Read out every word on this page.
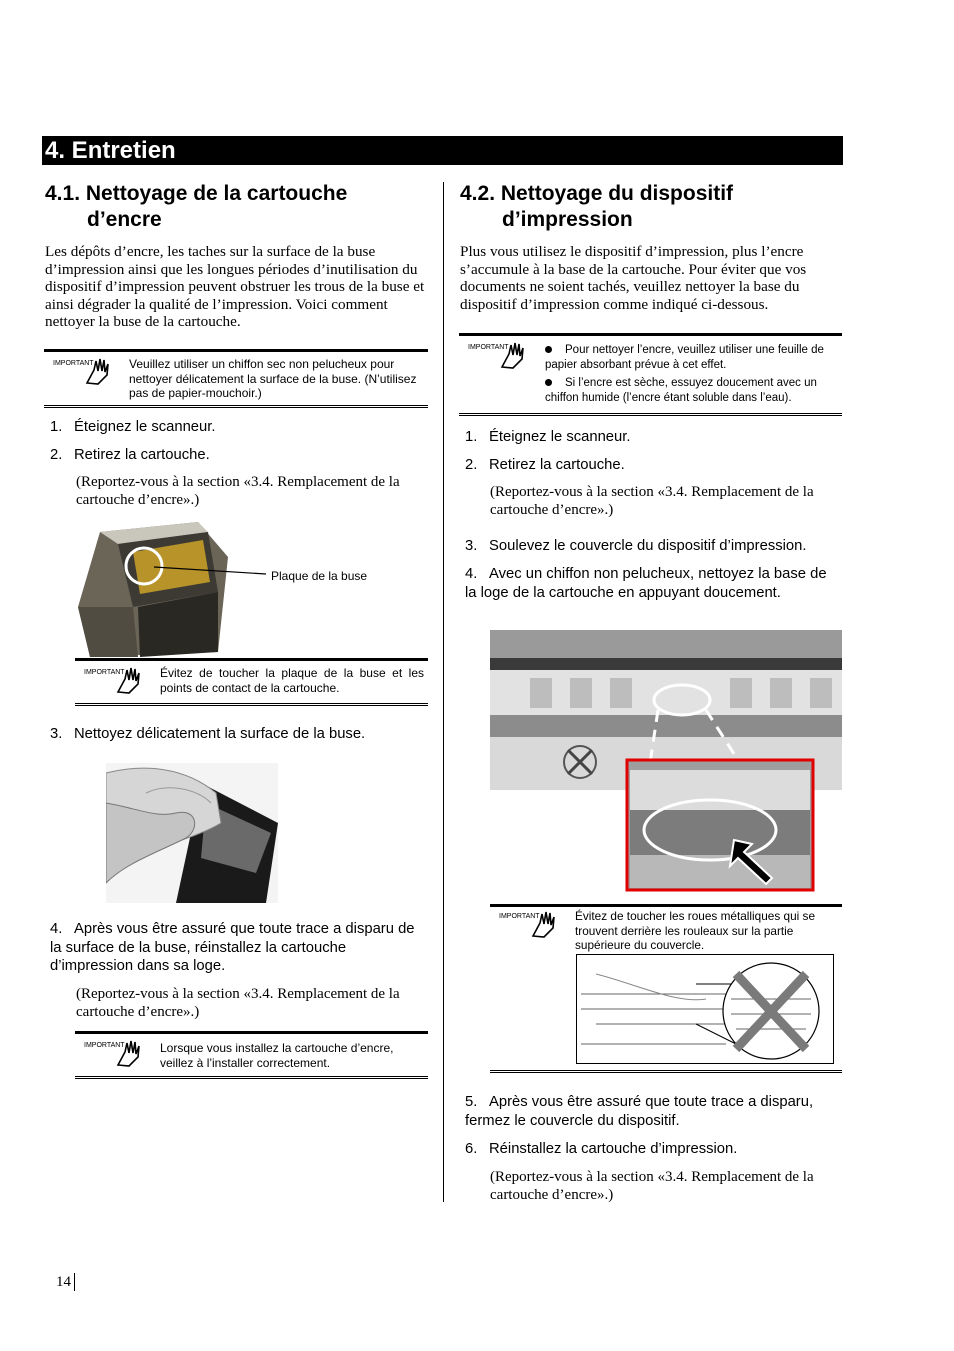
4. Entretien
4.1. Nettoyage de la cartouche
d’encre
Les dépôts d’encre, les taches sur la surface de la buse d’impression ainsi que les longues périodes d’inutilisation du dispositif d’impression peuvent obstruer les trous de la buse et ainsi dégrader la qualité de l’impression. Voici comment nettoyer la buse de la cartouche.
IMPORTANT	Veuillez utiliser un chiffon sec non pelucheux pour nettoyer délicatement la surface de la buse. (N’utilisez pas de papier-mouchoir.)
1. Éteignez le scanneur.
2. Retirez la cartouche.
(Reportez-vous à la section «3.4. Remplacement de la cartouche d’encre».)
Plaque de la buse
IMPORTANT	Évitez de toucher la plaque de la buse et les points de contact de la cartouche.
3. Nettoyez délicatement la surface de la buse.
4. Après vous être assuré que toute trace a disparu de la surface de la buse, réinstallez la cartouche d’impression dans sa loge.
(Reportez-vous à la section «3.4. Remplacement de la cartouche d’encre».)
IMPORTANT	Lorsque vous installez la cartouche d’encre, veillez à l’installer correctement.
4.2. Nettoyage du dispositif
d’impression
Plus vous utilisez le dispositif d’impression, plus l’encre s’accumule à la base de la cartouche. Pour éviter que vos documents ne soient tachés, veuillez nettoyer la base du dispositif d’impression comme indiqué ci-dessous.
IMPORTANT	Pour nettoyer l’encre, veuillez utiliser une feuille de papier absorbant prévue à cet effet.
Si l’encre est sèche, essuyez doucement avec un chiffon humide (l’encre étant soluble dans l’eau).
1. Éteignez le scanneur.
2. Retirez la cartouche.
(Reportez-vous à la section «3.4. Remplacement de la cartouche d’encre».)
3. Soulevez le couvercle du dispositif d’impression.
4. Avec un chiffon non pelucheux, nettoyez la base de la loge de la cartouche en appuyant doucement.
IMPORTANT	Évitez de toucher les roues métalliques qui se trouvent derrière les rouleaux sur la partie supérieure du couvercle.
5. Après vous être assuré que toute trace a disparu, fermez le couvercle du dispositif.
6. Réinstallez la cartouche d’impression.
(Reportez-vous à la section «3.4. Remplacement de la cartouche d’encre».)
14
